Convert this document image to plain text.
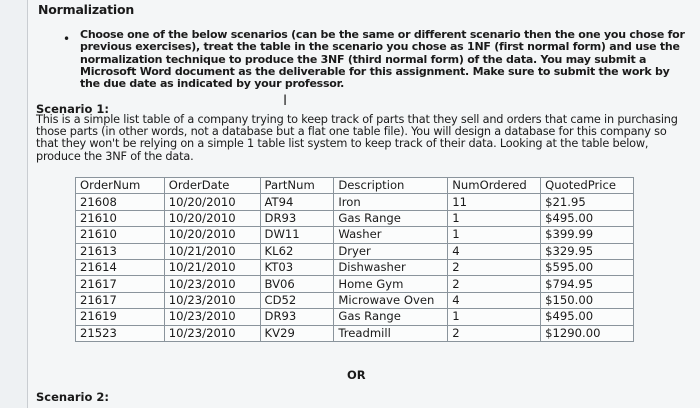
Normalization
• Choose one of the below scenarios (can be the same or different scenario then the one you chose for previous exercises), treat the table in the scenario you chose as 1NF (first normal form) and use the normalization technique to produce the 3NF (third normal form) of the data. You may submit a Microsoft Word document as the deliverable for this assignment. Make sure to submit the work by the due date as indicated by your professor.
I
Scenario 1:
This is a simple list table of a company trying to keep track of parts that they sell and orders that came in purchasing those parts (in other words, not a database but a flat one table file). You will design a database for this company so that they won't be relying on a simple 1 table list system to keep track of their data. Looking at the table below, produce the 3NF of the data.
OrderNum	OrderDate	PartNum	Description	NumOrdered	QuotedPrice
21608	10/20/2010	AT94	Iron	11	$21.95
21610	10/20/2010	DR93	Gas Range	1	$495.00
21610	10/20/2010	DW11	Washer	1	$399.99
21613	10/21/2010	KL62	Dryer	4	$329.95
21614	10/21/2010	KT03	Dishwasher	2	$595.00
21617	10/23/2010	BV06	Home Gym	2	$794.95
21617	10/23/2010	CD52	Microwave Oven	4	$150.00
21619	10/23/2010	DR93	Gas Range	1	$495.00
21523	10/23/2010	KV29	Treadmill	2	$1290.00
OR
Scenario 2:
